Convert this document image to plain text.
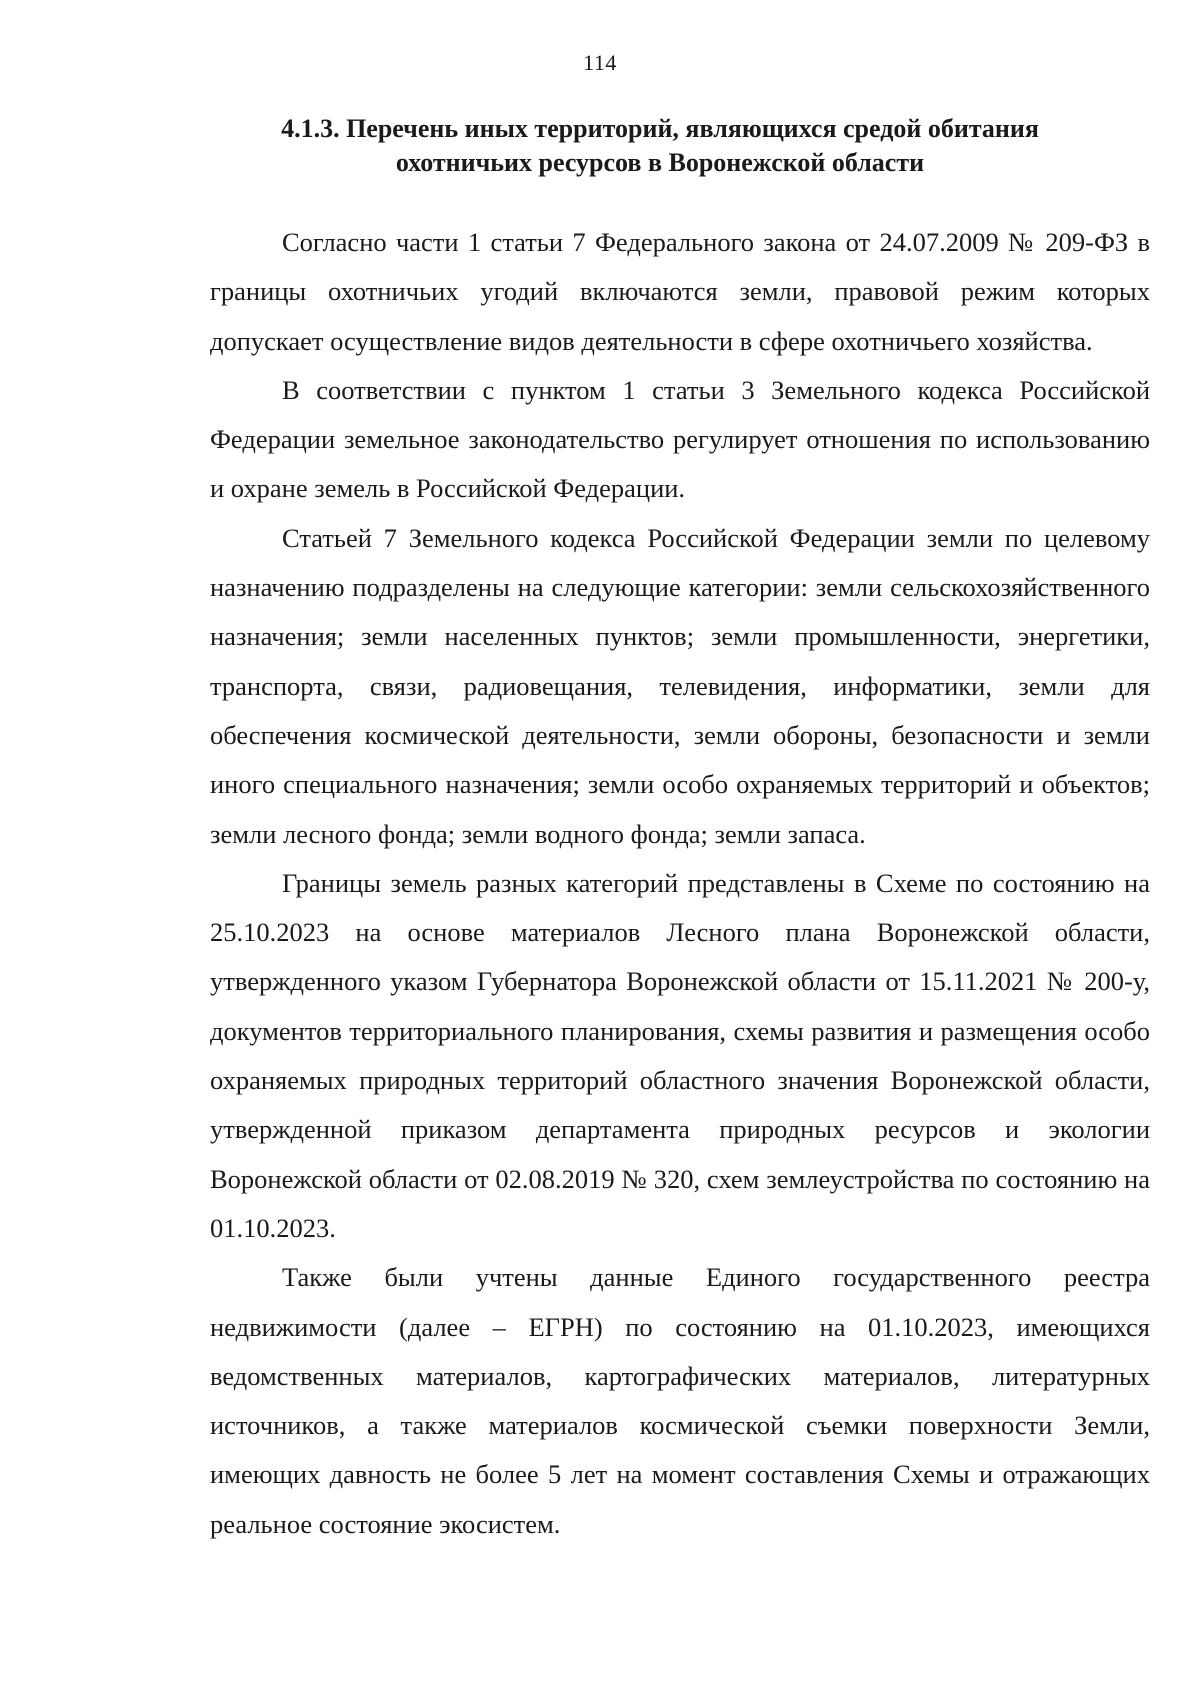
114
4.1.3. Перечень иных территорий, являющихся средой обитания
охотничьих ресурсов в Воронежской области

Согласно части 1 статьи 7 Федерального закона от 24.07.2009 № 209-ФЗ в границы охотничьих угодий включаются земли, правовой режим которых допускает осуществление видов деятельности в сфере охотничьего хозяйства.

В соответствии с пунктом 1 статьи 3 Земельного кодекса Российской Федерации земельное законодательство регулирует отношения по использованию и охране земель в Российской Федерации.

Статьей 7 Земельного кодекса Российской Федерации земли по целевому назначению подразделены на следующие категории: земли сельскохозяйственного назначения; земли населенных пунктов; земли промышленности, энергетики, транспорта, связи, радиовещания, телевидения, информатики, земли для обеспечения космической деятельности, земли обороны, безопасности и земли иного специального назначения; земли особо охраняемых территорий и объектов; земли лесного фонда; земли водного фонда; земли запаса.

Границы земель разных категорий представлены в Схеме по состоянию на 25.10.2023 на основе материалов Лесного плана Воронежской области, утвержденного указом Губернатора Воронежской области от 15.11.2021 № 200-у, документов территориального планирования, схемы развития и размещения особо охраняемых природных территорий областного значения Воронежской области, утвержденной приказом департамента природных ресурсов и экологии Воронежской области от 02.08.2019 № 320, схем землеустройства по состоянию на 01.10.2023.

Также были учтены данные Единого государственного реестра недвижимости (далее – ЕГРН) по состоянию на 01.10.2023, имеющихся ведомственных материалов, картографических материалов, литературных источников, а также материалов космической съемки поверхности Земли, имеющих давность не более 5 лет на момент составления Схемы и отражающих реальное состояние экосистем.
